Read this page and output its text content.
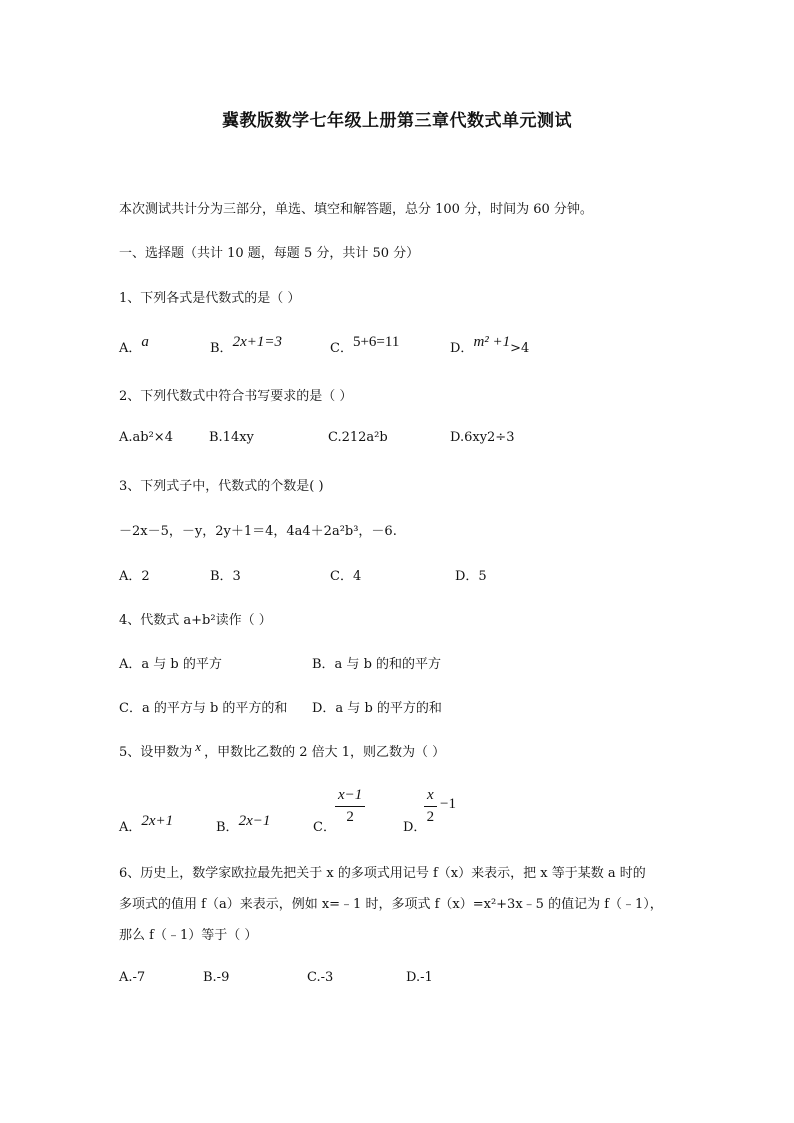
冀教版数学七年级上册第三章代数式单元测试
本次测试共计分为三部分，单选、填空和解答题，总分 100 分，时间为 60 分钟。
一、选择题（共计 10 题，每题 5 分，共计 50 分）
1、下列各式是代数式的是（ ）
A．a	B．2x+1=3	C．5+6=11	D．m² +1>4
2、下列代数式中符合书写要求的是（ ）
A.ab²×4	B.14xy	C.212a²b	D.6xy2÷3
3、下列式子中，代数式的个数是( )
－2x－5，－y，2y＋1＝4，4a4＋2a²b³，－6.
A．2	B．3	C．4	D．5
4、代数式 a+b²读作（ ）
A．a 与 b 的平方	B．a 与 b 的和的平方
C．a 的平方与 b 的平方的和 D．a 与 b 的平方的和
5、设甲数为 x ，甲数比乙数的 2 倍大 1，则乙数为（ ）
A．2x+1	B．2x−1	C．
x−1
2
D．
x
2
−1
6、历史上，数学家欧拉最先把关于 x 的多项式用记号 f（x）来表示，把 x 等于某数 a 时的
多项式的值用 f（a）来表示，例如 x=﹣1 时，多项式 f（x）=x²+3x﹣5 的值记为 f（﹣1），
那么 f（﹣1）等于（ ）
A.-7	B.-9	C.-3	D.-1
